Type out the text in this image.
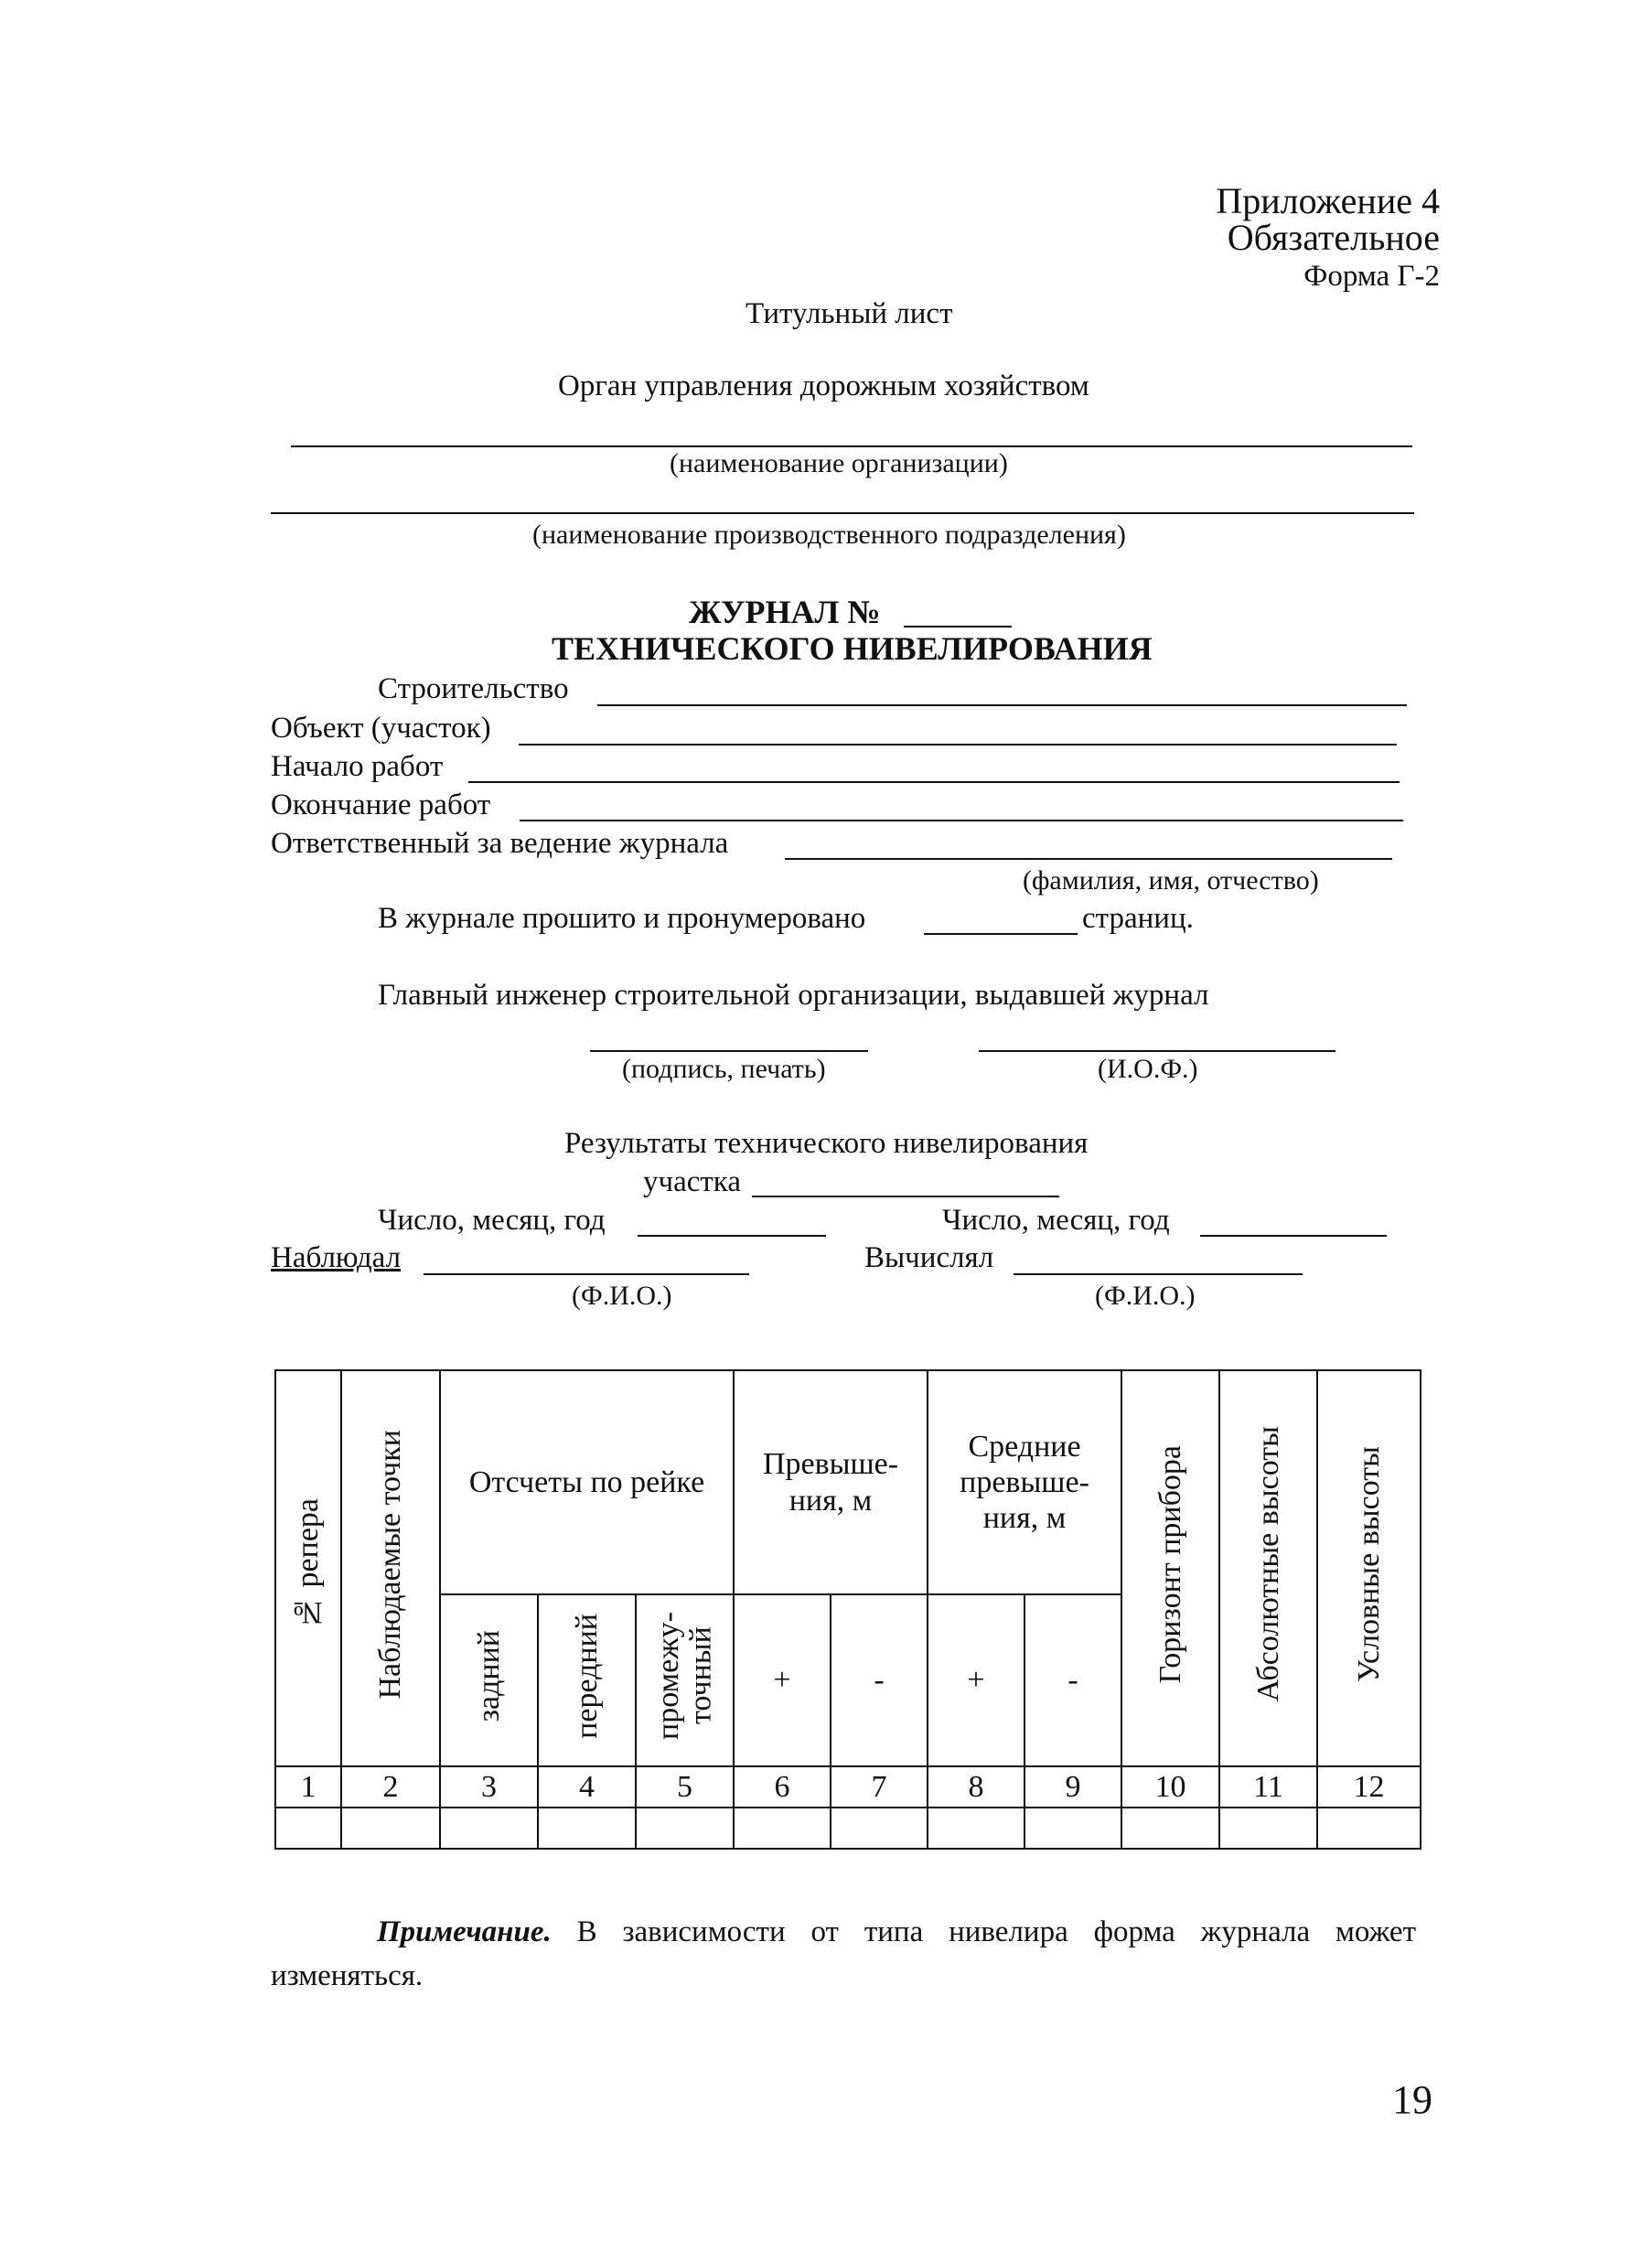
Приложение 4
Обязательное
Форма Г-2
Титульный лист
Орган управления дорожным хозяйством
(наименование организации)
(наименование производственного подразделения)
ЖУРНАЛ №
ТЕХНИЧЕСКОГО НИВЕЛИРОВАНИЯ
Строительство
Объект (участок)
Начало работ
Окончание работ
Ответственный за ведение журнала
(фамилия, имя, отчество)
В журнале прошито и пронумеровано	страниц.
Главный инженер строительной организации, выдавшей журнал
(подпись, печать)	(И.О.Ф.)
Результаты технического нивелирования
участка
Число, месяц, год	Число, месяц, год
Наблюдал	Вычислял
(Ф.И.О.)	(Ф.И.О.)
№ репера	Наблюдаемые точки	Отсчеты по рейке			Превыше-ния, м		Средние превыше-ния, м		Горизонт прибора	Абсолютные высоты	Условные высоты
		задний	передний	промежу-точный	+	-	+	-			
1	2	3	4	5	6	7	8	9	10	11	12

Примечание. В зависимости от типа нивелира форма журнала может изменяться.
19
